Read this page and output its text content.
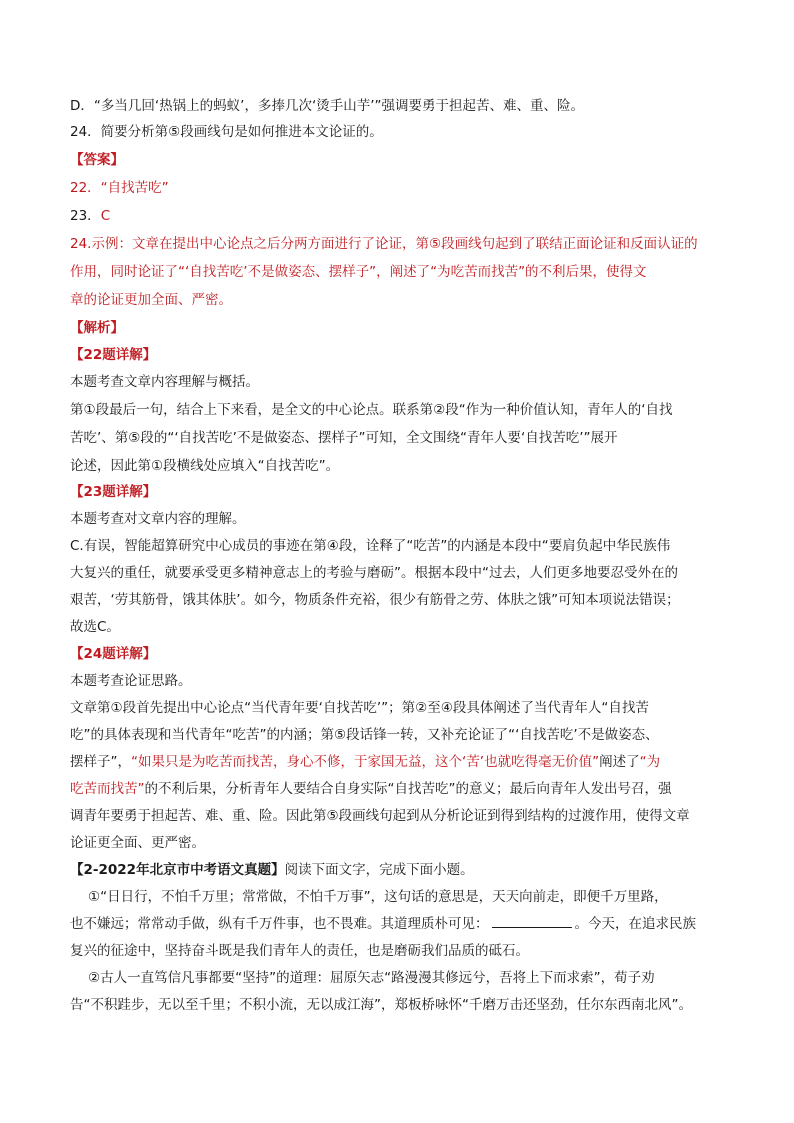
D．“多当几回‘热锅上的蚂蚁’，多捧几次‘烫手山芋’”强调要勇于担起苦、难、重、险。
24．简要分析第⑤段画线句是如何推进本文论证的。
【答案】
22．“自找苦吃”
23．C
24.示例：文章在提出中心论点之后分两方面进行了论证，第⑤段画线句起到了联结正面论证和反面认证的
作用，同时论证了“‘自找苦吃’不是做姿态、摆样子”，阐述了“为吃苦而找苦”的不利后果，使得文
章的论证更加全面、严密。
【解析】
【22题详解】
本题考查文章内容理解与概括。
第①段最后一句，结合上下来看，是全文的中心论点。联系第②段“作为一种价值认知，青年人的‘自找
苦吃’、第⑤段的“‘自找苦吃’不是做姿态、摆样子”可知，全文围绕“青年人要‘自找苦吃’”展开
论述，因此第①段横线处应填入“自找苦吃”。
【23题详解】
本题考查对文章内容的理解。
C.有误，智能超算研究中心成员的事迹在第④段，诠释了“吃苦”的内涵是本段中“要肩负起中华民族伟
大复兴的重任，就要承受更多精神意志上的考验与磨砺”。根据本段中“过去，人们更多地要忍受外在的
艰苦，‘劳其筋骨，饿其体肤’。如今，物质条件充裕，很少有筋骨之劳、体肤之饿”可知本项说法错误；
故选C。
【24题详解】
本题考查论证思路。
文章第①段首先提出中心论点“当代青年要‘自找苦吃’”；第②至④段具体阐述了当代青年人“自找苦
吃”的具体表现和当代青年“吃苦”的内涵；第⑤段话锋一转，又补充论证了“‘自找苦吃’不是做姿态、
摆样子”，“如果只是为吃苦而找苦，身心不修，于家国无益，这个‘苦’也就吃得毫无价值”阐述了“为
吃苦而找苦”的不利后果，分析青年人要结合自身实际“自找苦吃”的意义；最后向青年人发出号召，强
调青年要勇于担起苦、难、重、险。因此第⑤段画线句起到从分析论证到得到结构的过渡作用，使得文章
论证更全面、更严密。
【2-2022年北京市中考语文真题】阅读下面文字，完成下面小题。
①“日日行，不怕千万里；常常做，不怕千万事”，这句话的意思是，天天向前走，即便千万里路，
也不嫌远；常常动手做，纵有千万件事，也不畏难。其道理质朴可见：	。今天，在追求民族
复兴的征途中，坚持奋斗既是我们青年人的责任，也是磨砺我们品质的砥石。
②古人一直笃信凡事都要“坚持”的道理：屈原矢志“路漫漫其修远兮，吾将上下而求索”，荀子劝
告“不积跬步，无以至千里；不积小流，无以成江海”，郑板桥咏怀“千磨万击还坚劲，任尔东西南北风”。
